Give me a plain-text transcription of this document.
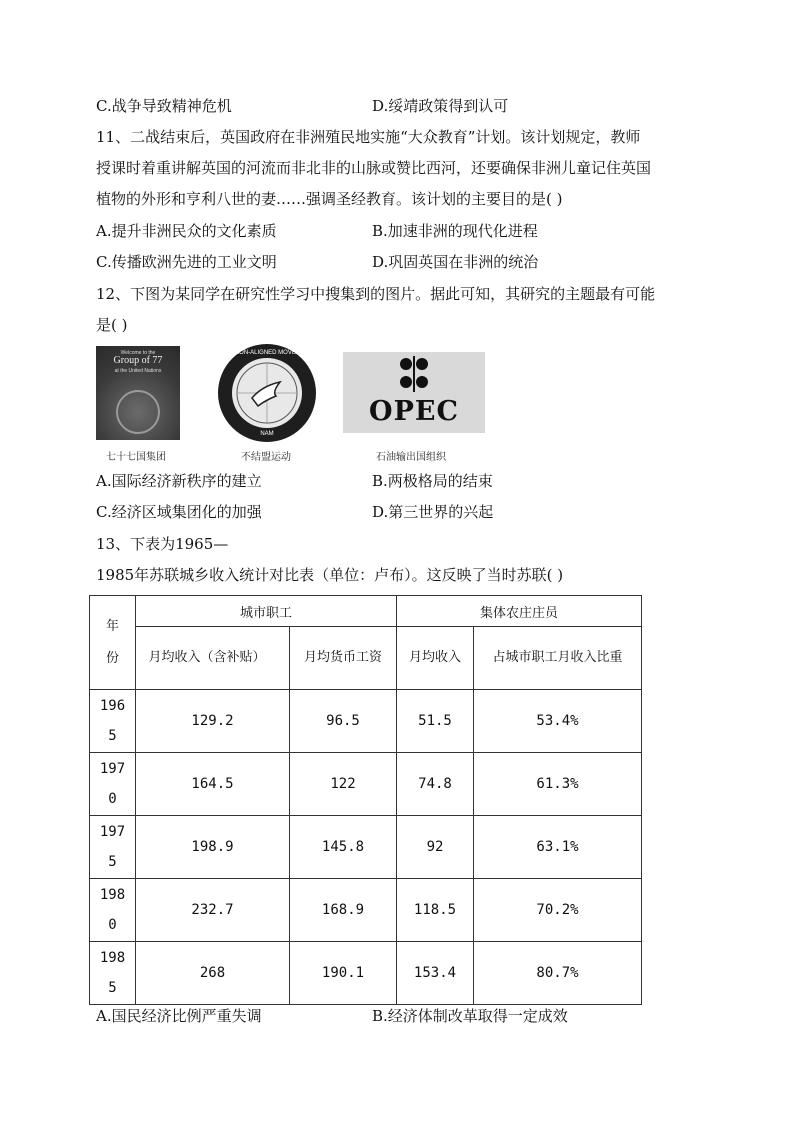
C.战争导致精神危机	D.绥靖政策得到认可
11、二战结束后，英国政府在非洲殖民地实施“大众教育”计划。该计划规定，教师
授课时着重讲解英国的河流而非北非的山脉或赞比西河，还要确保非洲儿童记住英国
植物的外形和亨利八世的妻……强调圣经教育。该计划的主要目的是( )
A.提升非洲民众的文化素质	B.加速非洲的现代化进程
C.传播欧洲先进的工业文明	D.巩固英国在非洲的统治
12、下图为某同学在研究性学习中搜集到的图片。据此可知，其研究的主题最有可能
是( )
Welcome to the
Group of 77
at the United Nations
七十七国集团
THE NON-ALIGNED MOVEMENT
NAM
不结盟运动
OPEC
石油输出国组织
A.国际经济新秩序的建立	B.两极格局的结束
C.经济区域集团化的加强	D.第三世界的兴起
13、下表为1965—
1985年苏联城乡收入统计对比表（单位：卢布）。这反映了当时苏联( )
年份	城市职工		集体农庄庄员	

	月均收入（含补贴）	月均货币工资	月均收入	占城市职工月收入比重

1965	129.2	96.5	51.5	53.4%

1970	164.5	122	74.8	61.3%

1975	198.9	145.8	92	63.1%

1980	232.7	168.9	118.5	70.2%

1985	268	190.1	153.4	80.7%
A.国民经济比例严重失调	B.经济体制改革取得一定成效
